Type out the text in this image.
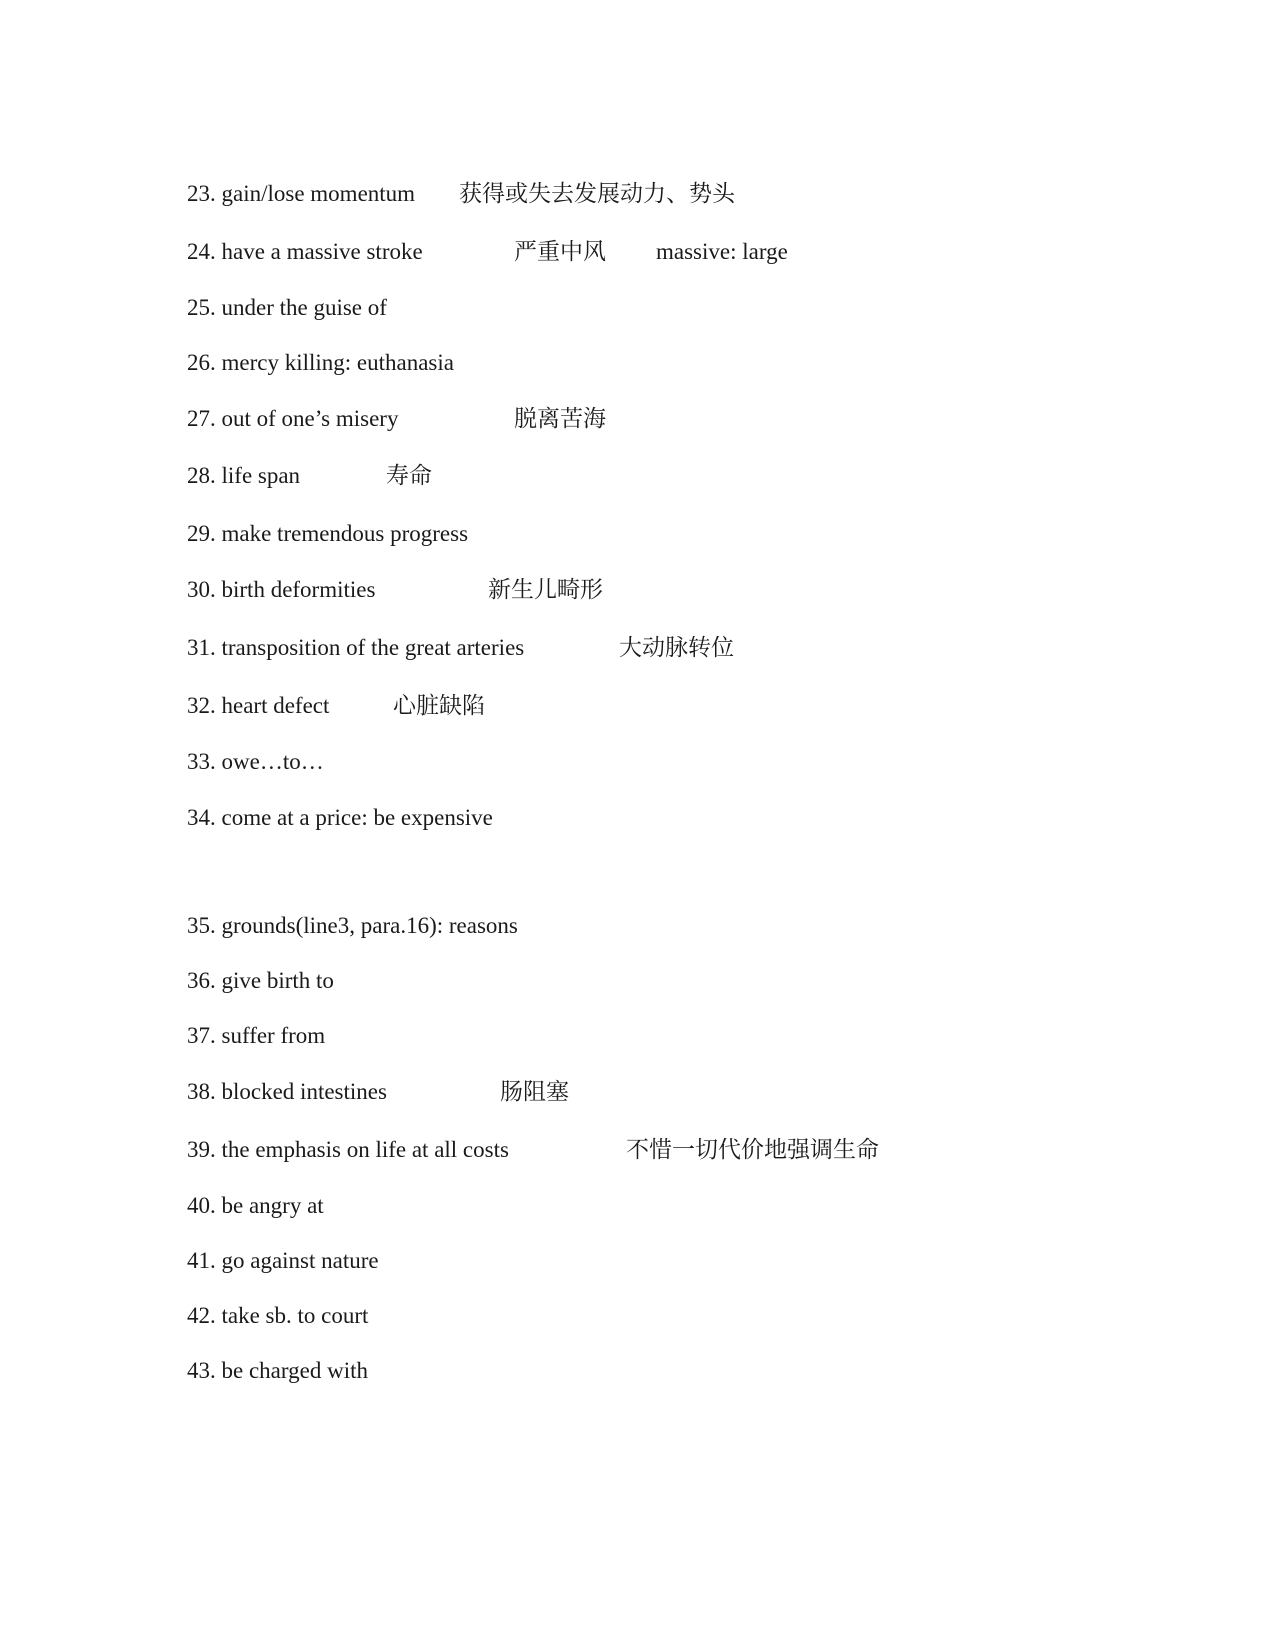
23. gain/lose momentum 获得或失去发展动力、势头
24. have a massive stroke	严重中风 massive: large
25. under the guise of
26. mercy killing: euthanasia
27. out of one’s misery	脱离苦海
28. life span	寿命
29. make tremendous progress
30. birth deformities	新生儿畸形
31. transposition of the great arteries	大动脉转位
32. heart defect	心脏缺陷
33. owe…to…
34. come at a price: be expensive
35. grounds(line3, para.16): reasons
36. give birth to
37. suffer from
38. blocked intestines	肠阻塞
39. the emphasis on life at all costs	不惜一切代价地强调生命
40. be angry at
41. go against nature
42. take sb. to court
43. be charged with
